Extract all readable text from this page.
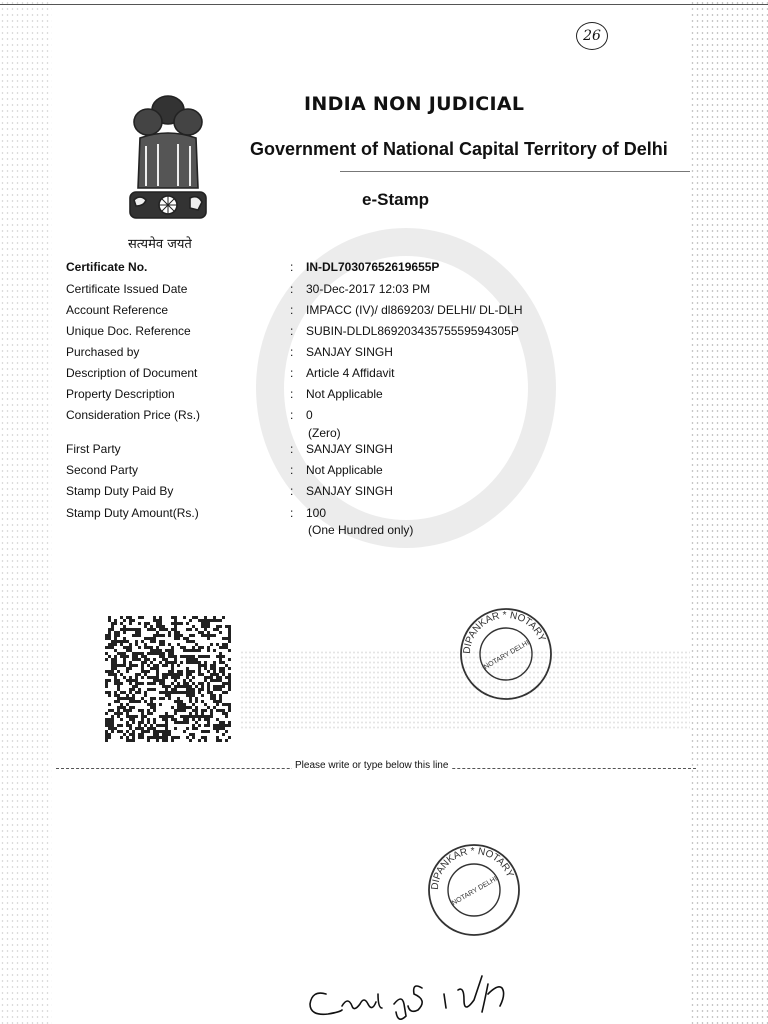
26
सत्यमेव जयते
INDIA NON JUDICIAL
Government of National Capital Territory of Delhi
e-Stamp
Certificate No.	: IN-DL70307652619655P
Certificate Issued Date	: 30-Dec-2017 12:03 PM
Account Reference	: IMPACC (IV)/ dl869203/ DELHI/ DL-DLH
Unique Doc. Reference	: SUBIN-DLDL86920343575559594305P
Purchased by	: SANJAY SINGH
Description of Document	: Article 4 Affidavit
Property Description	: Not Applicable
Consideration Price (Rs.)	: 0
(Zero)
First Party	: SANJAY SINGH
Second Party	: Not Applicable
Stamp Duty Paid By	: SANJAY SINGH
Stamp Duty Amount(Rs.)	: 100
(One Hundred only)
DIPANKAR * NOTARY
NOTARY DELHI
Please write or type below this line
DIPANKAR * NOTARY
NOTARY DELHI
